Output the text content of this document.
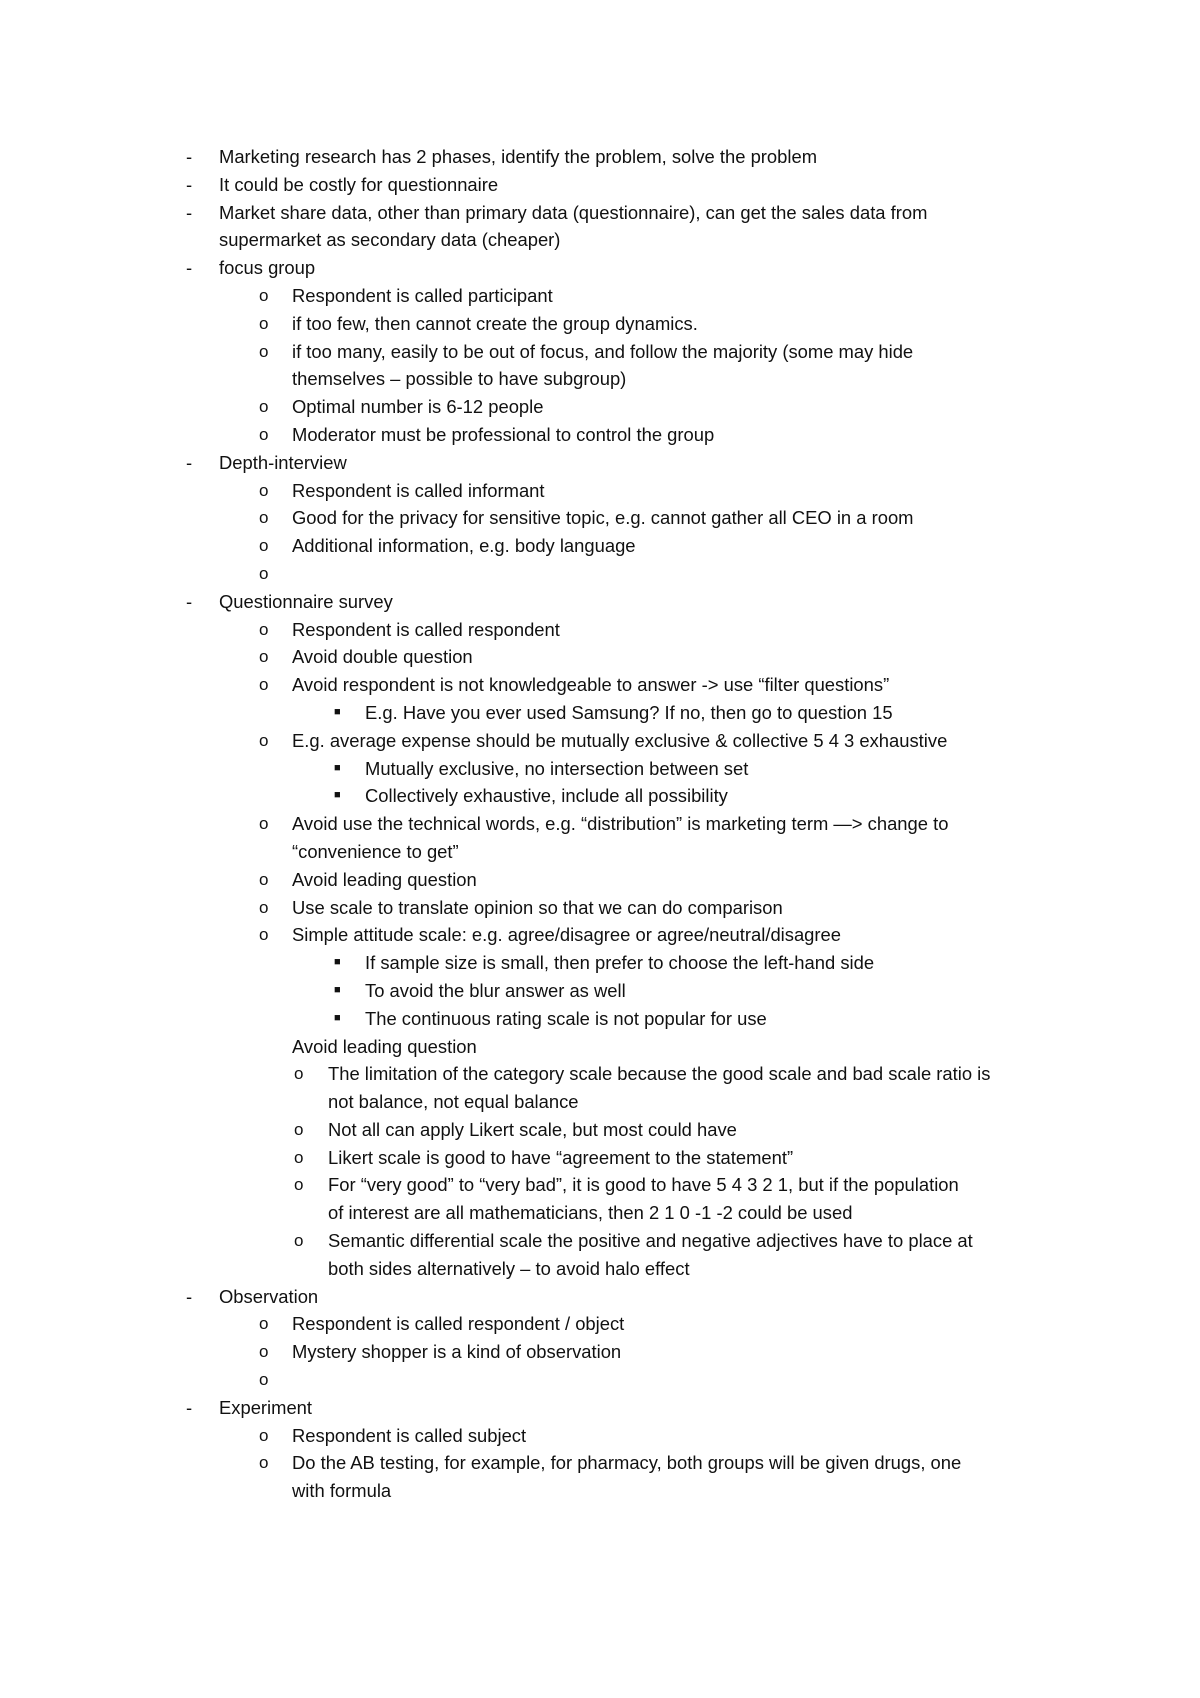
- Marketing research has 2 phases, identify the problem, solve the problem
- It could be costly for questionnaire
- Market share data, other than primary data (questionnaire), can get the sales data from
supermarket as secondary data (cheaper)
- focus group
o Respondent is called participant
o if too few, then cannot create the group dynamics.
o if too many, easily to be out of focus, and follow the majority (some may hide
themselves – possible to have subgroup)
o Optimal number is 6-12 people
o Moderator must be professional to control the group
- Depth-interview
o Respondent is called informant
o Good for the privacy for sensitive topic, e.g. cannot gather all CEO in a room
o Additional information, e.g. body language
o
- Questionnaire survey
o Respondent is called respondent
o Avoid double question
o Avoid respondent is not knowledgeable to answer -> use “filter questions”
■ E.g. Have you ever used Samsung? If no, then go to question 15
o E.g. average expense should be mutually exclusive & collective 5 4 3 exhaustive
■ Mutually exclusive, no intersection between set
■ Collectively exhaustive, include all possibility
o Avoid use the technical words, e.g. “distribution” is marketing term —> change to
“convenience to get”
o Avoid leading question
o Use scale to translate opinion so that we can do comparison
o Simple attitude scale: e.g. agree/disagree or agree/neutral/disagree
■ If sample size is small, then prefer to choose the left-hand side
■ To avoid the blur answer as well
■ The continuous rating scale is not popular for use
Avoid leading question
o The limitation of the category scale because the good scale and bad scale ratio is
not balance, not equal balance
o Not all can apply Likert scale, but most could have
o Likert scale is good to have “agreement to the statement”
o For “very good” to “very bad”, it is good to have 5 4 3 2 1, but if the population
of interest are all mathematicians, then 2 1 0 -1 -2 could be used
o Semantic differential scale the positive and negative adjectives have to place at
both sides alternatively – to avoid halo effect
- Observation
o Respondent is called respondent / object
o Mystery shopper is a kind of observation
o
- Experiment
o Respondent is called subject
o Do the AB testing, for example, for pharmacy, both groups will be given drugs, one
with formula
